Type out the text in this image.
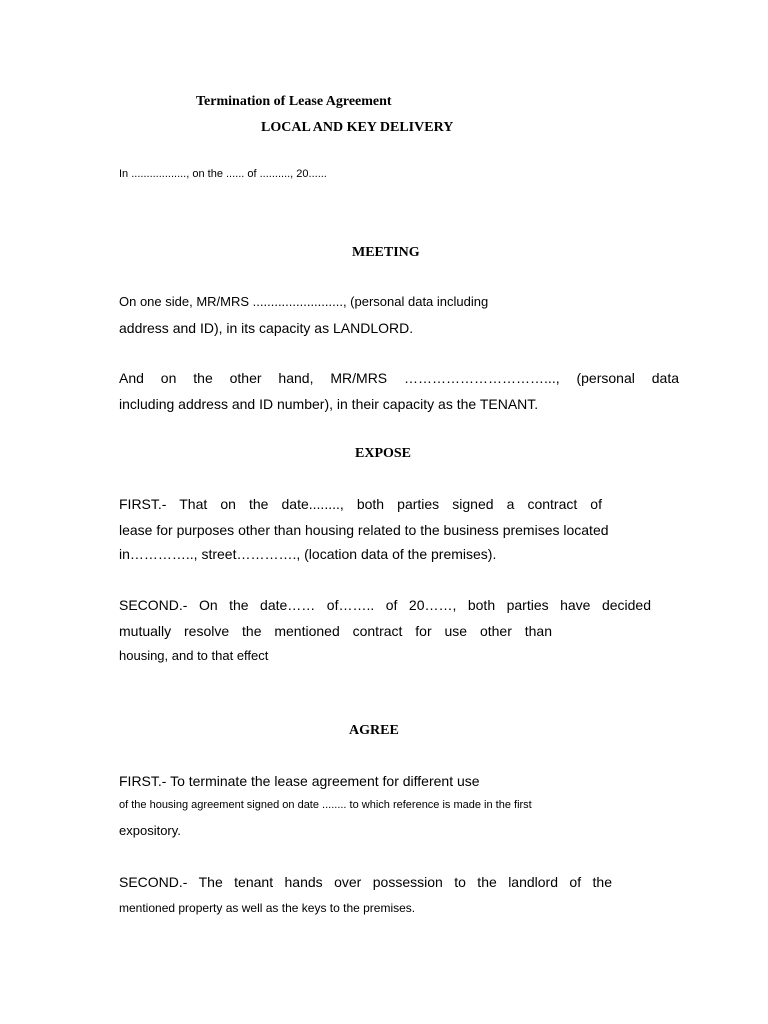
Termination of Lease Agreement

LOCAL AND KEY DELIVERY

In .................., on the ...... of .........., 20......

MEETING

On one side, MR/MRS ........................., (personal data including

address and ID), in its capacity as LANDLORD.

And on the other hand, MR/MRS …………………………..., (personal data

including address and ID number), in their capacity as the TENANT.

EXPOSE

FIRST.- That on the date........, both parties signed a contract of

lease for purposes other than housing related to the business premises located

in………….., street…………., (location data of the premises).

SECOND.- On the date…… of…….. of 20……, both parties have decided

mutually resolve the mentioned contract for use other than

housing, and to that effect

AGREE

FIRST.- To terminate the lease agreement for different use

of the housing agreement signed on date ........ to which reference is made in the first

expository.

SECOND.- The tenant hands over possession to the landlord of the

mentioned property as well as the keys to the premises.
